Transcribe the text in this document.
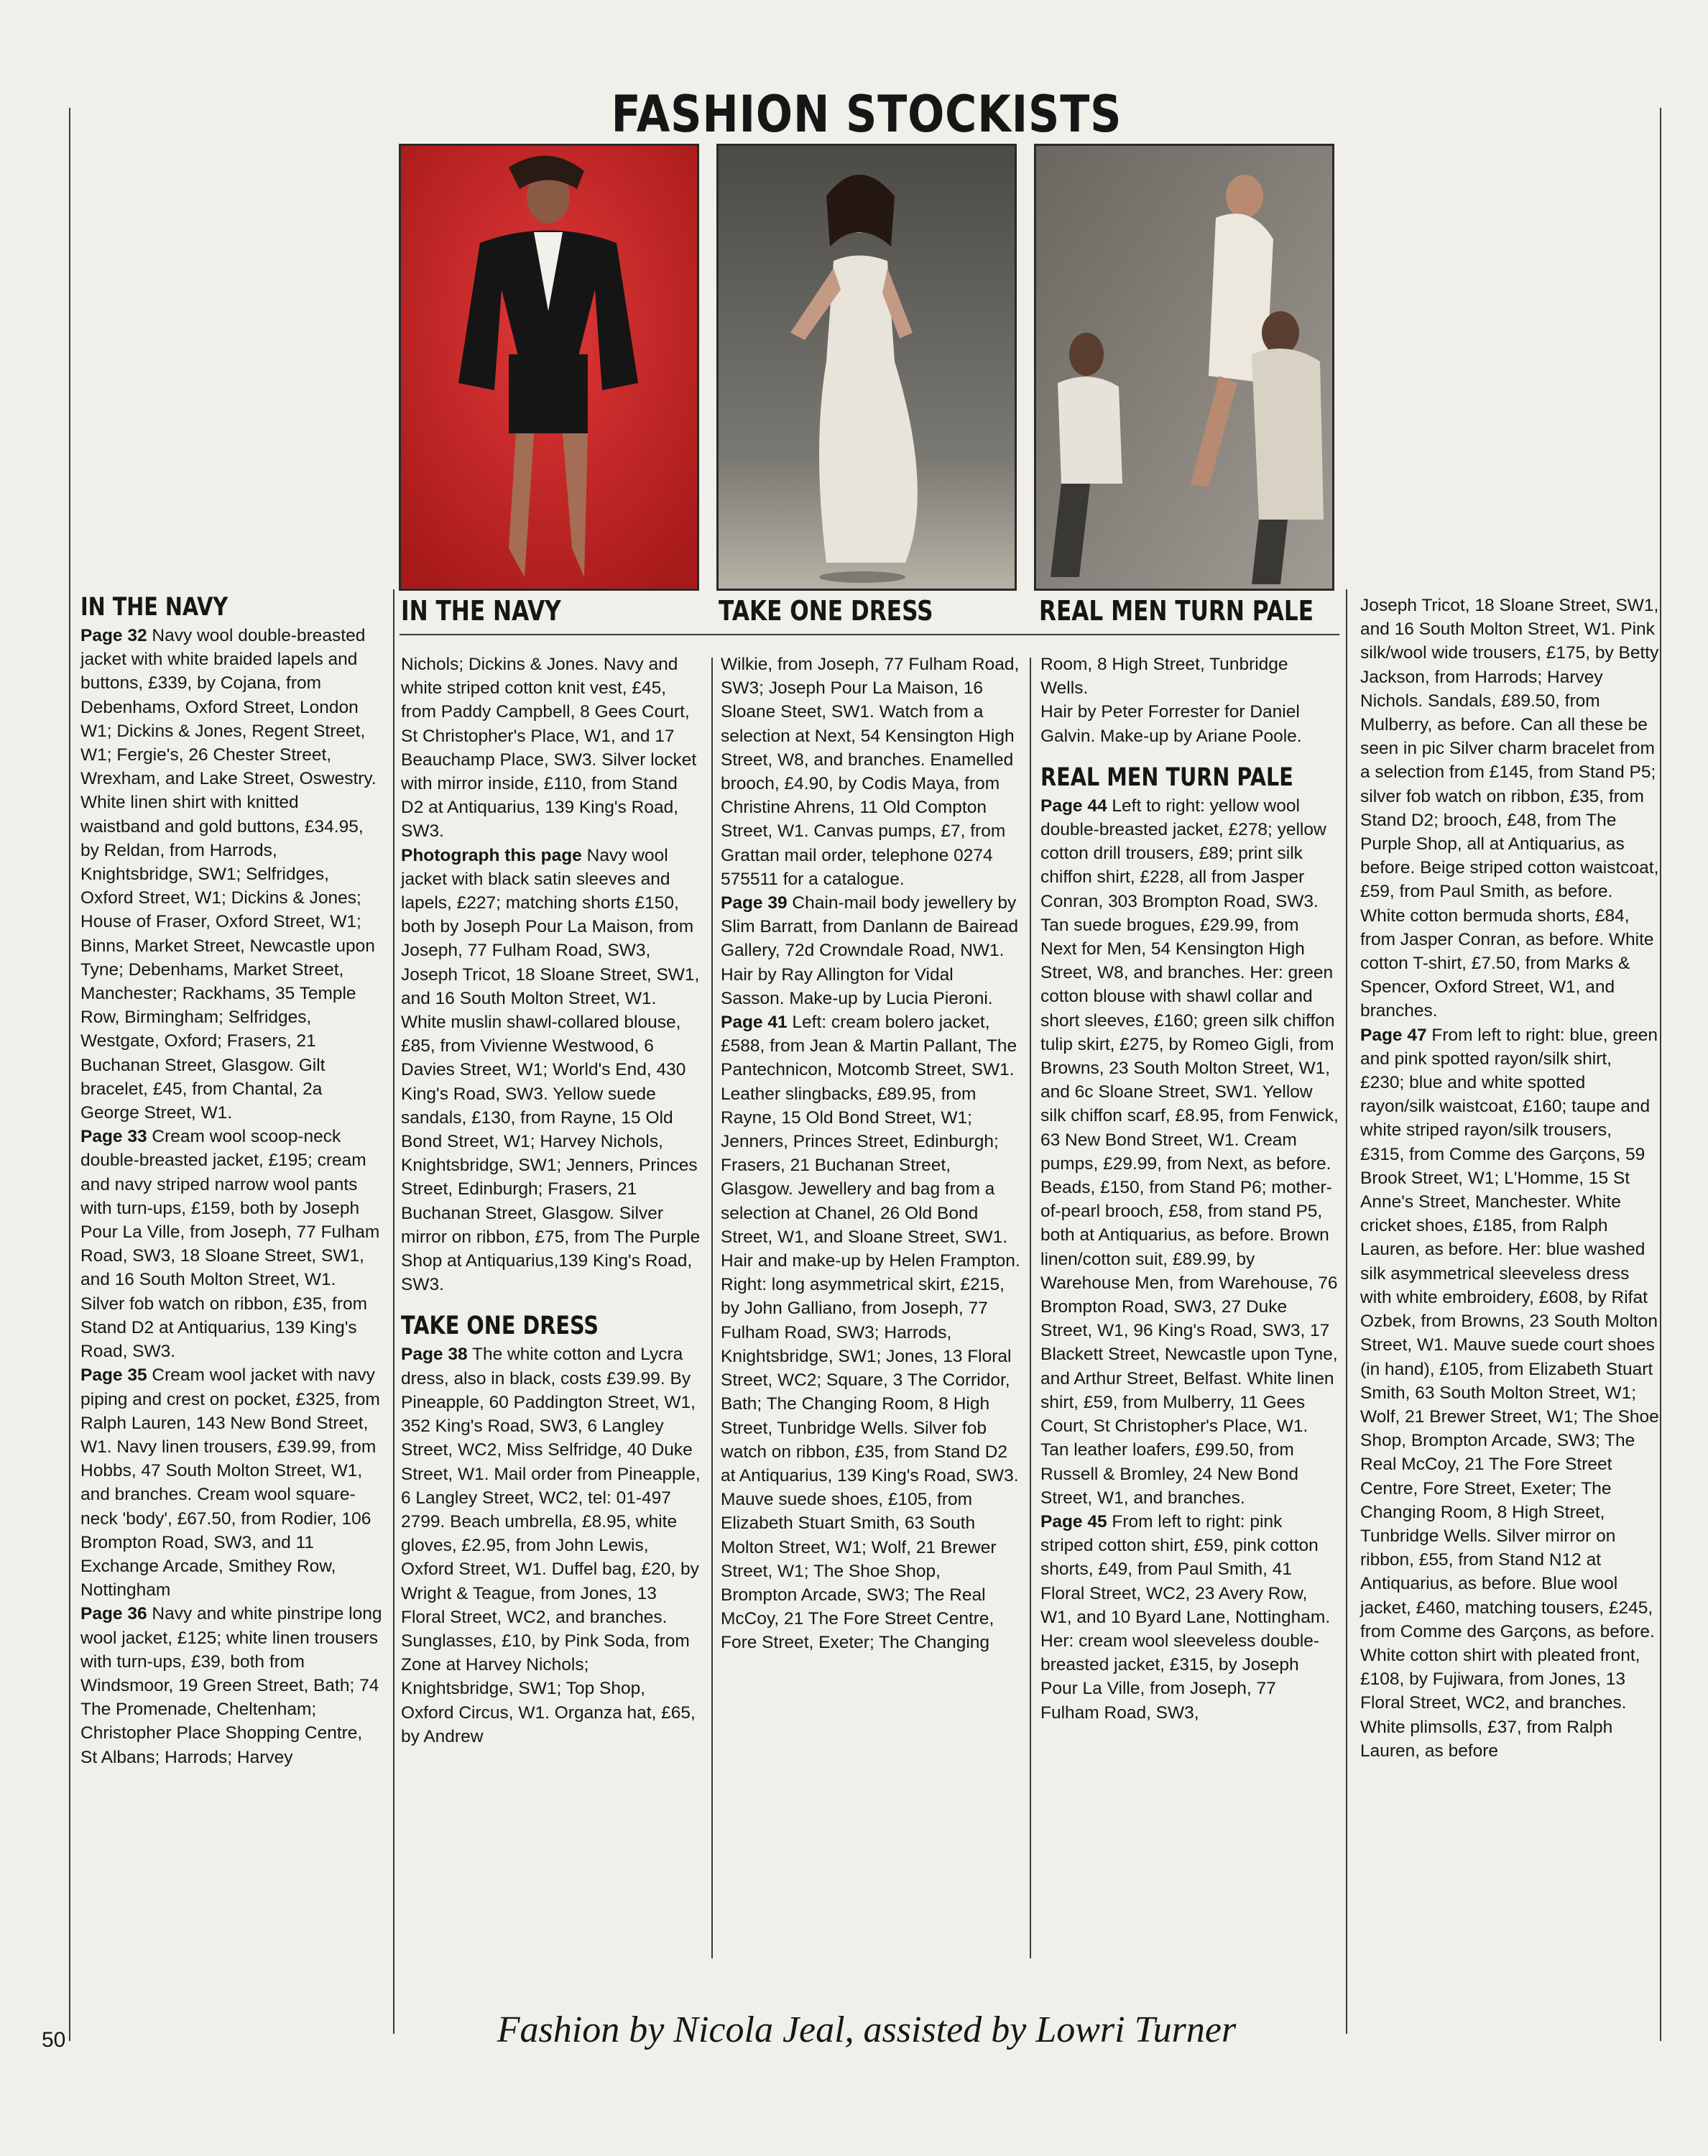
FASHION STOCKISTS
IN THE NAVY	TAKE ONE DRESS	REAL MEN TURN PALE
IN THE NAVY
Page 32 Navy wool double-breasted jacket with white braided lapels and buttons, £339, by Cojana, from Debenhams, Oxford Street, London W1; Dickins & Jones, Regent Street, W1; Fergie's, 26 Chester Street, Wrexham, and Lake Street, Oswestry. White linen shirt with knitted waistband and gold buttons, £34.95, by Reldan, from Harrods, Knightsbridge, SW1; Selfridges, Oxford Street, W1; Dickins & Jones; House of Fraser, Oxford Street, W1; Binns, Market Street, Newcastle upon Tyne; Debenhams, Market Street, Manchester; Rackhams, 35 Temple Row, Birmingham; Selfridges, Westgate, Oxford; Frasers, 21 Buchanan Street, Glasgow. Gilt bracelet, £45, from Chantal, 2a George Street, W1.
Page 33 Cream wool scoop-neck double-breasted jacket, £195; cream and navy striped narrow wool pants with turn-ups, £159, both by Joseph Pour La Ville, from Joseph, 77 Fulham Road, SW3, 18 Sloane Street, SW1, and 16 South Molton Street, W1. Silver fob watch on ribbon, £35, from Stand D2 at Antiquarius, 139 King's Road, SW3.
Page 35 Cream wool jacket with navy piping and crest on pocket, £325, from Ralph Lauren, 143 New Bond Street, W1. Navy linen trousers, £39.99, from Hobbs, 47 South Molton Street, W1, and branches. Cream wool square-neck 'body', £67.50, from Rodier, 106 Brompton Road, SW3, and 11 Exchange Arcade, Smithey Row, Nottingham
Page 36 Navy and white pinstripe long wool jacket, £125; white linen trousers with turn-ups, £39, both from Windsmoor, 19 Green Street, Bath; 74 The Promenade, Cheltenham; Christopher Place Shopping Centre, St Albans; Harrods; Harvey
Nichols; Dickins & Jones. Navy and white striped cotton knit vest, £45, from Paddy Campbell, 8 Gees Court, St Christopher's Place, W1, and 17 Beauchamp Place, SW3. Silver locket with mirror inside, £110, from Stand D2 at Antiquarius, 139 King's Road, SW3.
Photograph this page Navy wool jacket with black satin sleeves and lapels, £227; matching shorts £150, both by Joseph Pour La Maison, from Joseph, 77 Fulham Road, SW3, Joseph Tricot, 18 Sloane Street, SW1, and 16 South Molton Street, W1. White muslin shawl-collared blouse, £85, from Vivienne Westwood, 6 Davies Street, W1; World's End, 430 King's Road, SW3. Yellow suede sandals, £130, from Rayne, 15 Old Bond Street, W1; Harvey Nichols, Knightsbridge, SW1; Jenners, Princes Street, Edinburgh; Frasers, 21 Buchanan Street, Glasgow. Silver mirror on ribbon, £75, from The Purple Shop at Antiquarius,139 King's Road, SW3.
TAKE ONE DRESS
Page 38 The white cotton and Lycra dress, also in black, costs £39.99. By Pineapple, 60 Paddington Street, W1, 352 King's Road, SW3, 6 Langley Street, WC2, Miss Selfridge, 40 Duke Street, W1. Mail order from Pineapple, 6 Langley Street, WC2, tel: 01-497 2799. Beach umbrella, £8.95, white gloves, £2.95, from John Lewis, Oxford Street, W1. Duffel bag, £20, by Wright & Teague, from Jones, 13 Floral Street, WC2, and branches. Sunglasses, £10, by Pink Soda, from Zone at Harvey Nichols; Knightsbridge, SW1; Top Shop, Oxford Circus, W1. Organza hat, £65, by Andrew
Wilkie, from Joseph, 77 Fulham Road, SW3; Joseph Pour La Maison, 16 Sloane Steet, SW1. Watch from a selection at Next, 54 Kensington High Street, W8, and branches. Enamelled brooch, £4.90, by Codis Maya, from Christine Ahrens, 11 Old Compton Street, W1. Canvas pumps, £7, from Grattan mail order, telephone 0274 575511 for a catalogue.
Page 39 Chain-mail body jewellery by Slim Barratt, from Danlann de Bairead Gallery, 72d Crowndale Road, NW1. Hair by Ray Allington for Vidal Sasson. Make-up by Lucia Pieroni.
Page 41 Left: cream bolero jacket, £588, from Jean & Martin Pallant, The Pantechnicon, Motcomb Street, SW1. Leather slingbacks, £89.95, from Rayne, 15 Old Bond Street, W1; Jenners, Princes Street, Edinburgh; Frasers, 21 Buchanan Street, Glasgow. Jewellery and bag from a selection at Chanel, 26 Old Bond Street, W1, and Sloane Street, SW1.
Hair and make-up by Helen Frampton.
Right: long asymmetrical skirt, £215, by John Galliano, from Joseph, 77 Fulham Road, SW3; Harrods, Knightsbridge, SW1; Jones, 13 Floral Street, WC2; Square, 3 The Corridor, Bath; The Changing Room, 8 High Street, Tunbridge Wells. Silver fob watch on ribbon, £35, from Stand D2 at Antiquarius, 139 King's Road, SW3. Mauve suede shoes, £105, from Elizabeth Stuart Smith, 63 South Molton Street, W1; Wolf, 21 Brewer Street, W1; The Shoe Shop, Brompton Arcade, SW3; The Real McCoy, 21 The Fore Street Centre, Fore Street, Exeter; The Changing
Room, 8 High Street, Tunbridge Wells.
Hair by Peter Forrester for Daniel Galvin. Make-up by Ariane Poole.
REAL MEN TURN PALE
Page 44 Left to right: yellow wool double-breasted jacket, £278; yellow cotton drill trousers, £89; print silk chiffon shirt, £228, all from Jasper Conran, 303 Brompton Road, SW3. Tan suede brogues, £29.99, from Next for Men, 54 Kensington High Street, W8, and branches. Her: green cotton blouse with shawl collar and short sleeves, £160; green silk chiffon tulip skirt, £275, by Romeo Gigli, from Browns, 23 South Molton Street, W1, and 6c Sloane Street, SW1. Yellow silk chiffon scarf, £8.95, from Fenwick, 63 New Bond Street, W1. Cream pumps, £29.99, from Next, as before. Beads, £150, from Stand P6; mother-of-pearl brooch, £58, from stand P5, both at Antiquarius, as before. Brown linen/cotton suit, £89.99, by Warehouse Men, from Warehouse, 76 Brompton Road, SW3, 27 Duke Street, W1, 96 King's Road, SW3, 17 Blackett Street, Newcastle upon Tyne, and Arthur Street, Belfast. White linen shirt, £59, from Mulberry, 11 Gees Court, St Christopher's Place, W1. Tan leather loafers, £99.50, from Russell & Bromley, 24 New Bond Street, W1, and branches.
Page 45 From left to right: pink striped cotton shirt, £59, pink cotton shorts, £49, from Paul Smith, 41 Floral Street, WC2, 23 Avery Row, W1, and 10 Byard Lane, Nottingham. Her: cream wool sleeveless double-breasted jacket, £315, by Joseph Pour La Ville, from Joseph, 77 Fulham Road, SW3,
Joseph Tricot, 18 Sloane Street, SW1, and 16 South Molton Street, W1. Pink silk/wool wide trousers, £175, by Betty Jackson, from Harrods; Harvey Nichols. Sandals, £89.50, from Mulberry, as before. Can all these be seen in pic Silver charm bracelet from a selection from £145, from Stand P5; silver fob watch on ribbon, £35, from Stand D2; brooch, £48, from The Purple Shop, all at Antiquarius, as before. Beige striped cotton waistcoat, £59, from Paul Smith, as before. White cotton bermuda shorts, £84, from Jasper Conran, as before. White cotton T-shirt, £7.50, from Marks & Spencer, Oxford Street, W1, and branches.
Page 47 From left to right: blue, green and pink spotted rayon/silk shirt, £230; blue and white spotted rayon/silk waistcoat, £160; taupe and white striped rayon/silk trousers, £315, from Comme des Garçons, 59 Brook Street, W1; L'Homme, 15 St Anne's Street, Manchester. White cricket shoes, £185, from Ralph Lauren, as before. Her: blue washed silk asymmetrical sleeveless dress with white embroidery, £608, by Rifat Ozbek, from Browns, 23 South Molton Street, W1. Mauve suede court shoes (in hand), £105, from Elizabeth Stuart Smith, 63 South Molton Street, W1; Wolf, 21 Brewer Street, W1; The Shoe Shop, Brompton Arcade, SW3; The Real McCoy, 21 The Fore Street Centre, Fore Street, Exeter; The Changing Room, 8 High Street, Tunbridge Wells. Silver mirror on ribbon, £55, from Stand N12 at Antiquarius, as before. Blue wool jacket, £460, matching tousers, £245, from Comme des Garçons, as before. White cotton shirt with pleated front, £108, by Fujiwara, from Jones, 13 Floral Street, WC2, and branches. White plimsolls, £37, from Ralph Lauren, as before
50	Fashion by Nicola Jeal, assisted by Lowri Turner
